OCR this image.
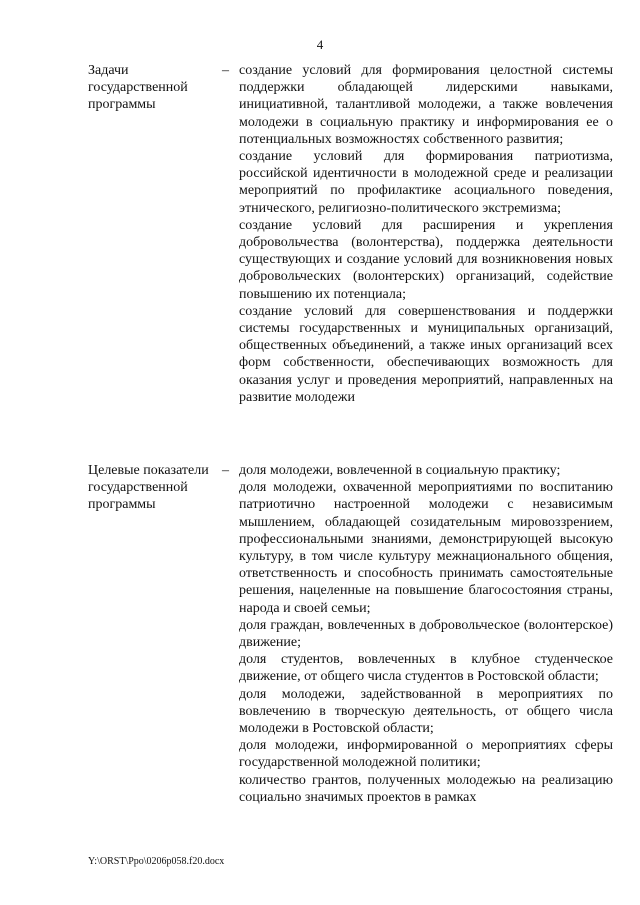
4
Задачи государственной программы
– создание условий для формирования целостной системы поддержки обладающей лидерскими навыками, инициативной, талантливой молодежи, а также вовлечения молодежи в социальную практику и информирования ее о потенциальных возможностях собственного развития;

создание условий для формирования патриотизма, российской идентичности в молодежной среде и реализации мероприятий по профилактике асоциального поведения, этнического, религиозно-политического экстремизма;

создание условий для расширения и укрепления добровольчества (волонтерства), поддержка деятельности существующих и создание условий для возникновения новых добровольческих (волонтерских) организаций, содействие повышению их потенциала;

создание условий для совершенствования и поддержки системы государственных и муниципальных организаций, общественных объединений, а также иных организаций всех форм собственности, обеспечивающих возможность для оказания услуг и проведения мероприятий, направленных на развитие молодежи

Целевые показатели государственной программы
– доля молодежи, вовлеченной в социальную практику;

доля молодежи, охваченной мероприятиями по воспитанию патриотично настроенной молодежи с независимым мышлением, обладающей созидательным мировоззрением, профессиональными знаниями, демонстрирующей высокую культуру, в том числе культуру межнационального общения, ответственность и способность принимать самостоятельные решения, нацеленные на повышение благосостояния страны, народа и своей семьи;

доля граждан, вовлеченных в добровольческое (волонтерское) движение;

доля студентов, вовлеченных в клубное студенческое движение, от общего числа студентов в Ростовской области;

доля молодежи, задействованной в мероприятиях по вовлечению в творческую деятельность, от общего числа молодежи в Ростовской области;

доля молодежи, информированной о мероприятиях сферы государственной молодежной политики;

количество грантов, полученных молодежью на реализацию социально значимых проектов в рамках

Y:\ORST\Ppo\0206p058.f20.docx
